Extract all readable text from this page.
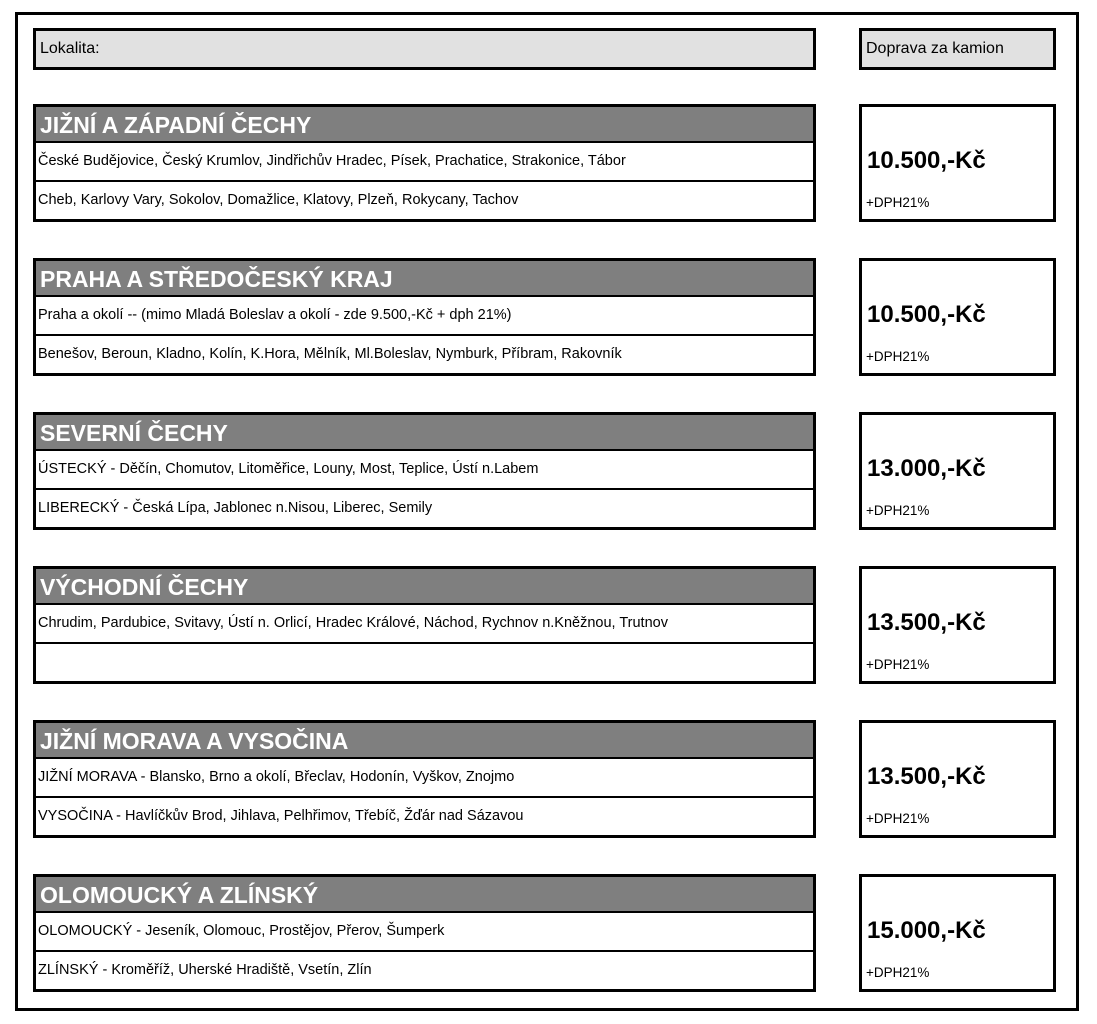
Lokalita:	Doprava za kamion
JIŽNÍ A ZÁPADNÍ ČECHY
České Budějovice, Český Krumlov, Jindřichův Hradec, Písek, Prachatice, Strakonice, Tábor
Cheb, Karlovy Vary, Sokolov, Domažlice, Klatovy, Plzeň, Rokycany, Tachov
10.500,-Kč
+DPH21%
PRAHA A STŘEDOČESKÝ KRAJ
Praha a okolí -- (mimo Mladá Boleslav a okolí - zde 9.500,-Kč + dph 21%)
Benešov, Beroun, Kladno, Kolín, K.Hora, Mělník, Ml.Boleslav, Nymburk, Příbram, Rakovník
10.500,-Kč
+DPH21%
SEVERNÍ ČECHY
ÚSTECKÝ - Děčín, Chomutov, Litoměřice, Louny, Most, Teplice, Ústí n.Labem
LIBERECKÝ - Česká Lípa, Jablonec n.Nisou, Liberec, Semily
13.000,-Kč
+DPH21%
VÝCHODNÍ ČECHY
Chrudim, Pardubice, Svitavy, Ústí n. Orlicí, Hradec Králové, Náchod, Rychnov n.Kněžnou, Trutnov	13.500,-Kč
+DPH21%
JIŽNÍ MORAVA A VYSOČINA
JIŽNÍ MORAVA - Blansko, Brno a okolí, Břeclav, Hodonín, Vyškov, Znojmo
VYSOČINA - Havlíčkův Brod, Jihlava, Pelhřimov, Třebíč, Žďár nad Sázavou
13.500,-Kč
+DPH21%
OLOMOUCKÝ A ZLÍNSKÝ
OLOMOUCKÝ - Jeseník, Olomouc, Prostějov, Přerov, Šumperk
ZLÍNSKÝ - Kroměříž, Uherské Hradiště, Vsetín, Zlín
15.000,-Kč
+DPH21%
